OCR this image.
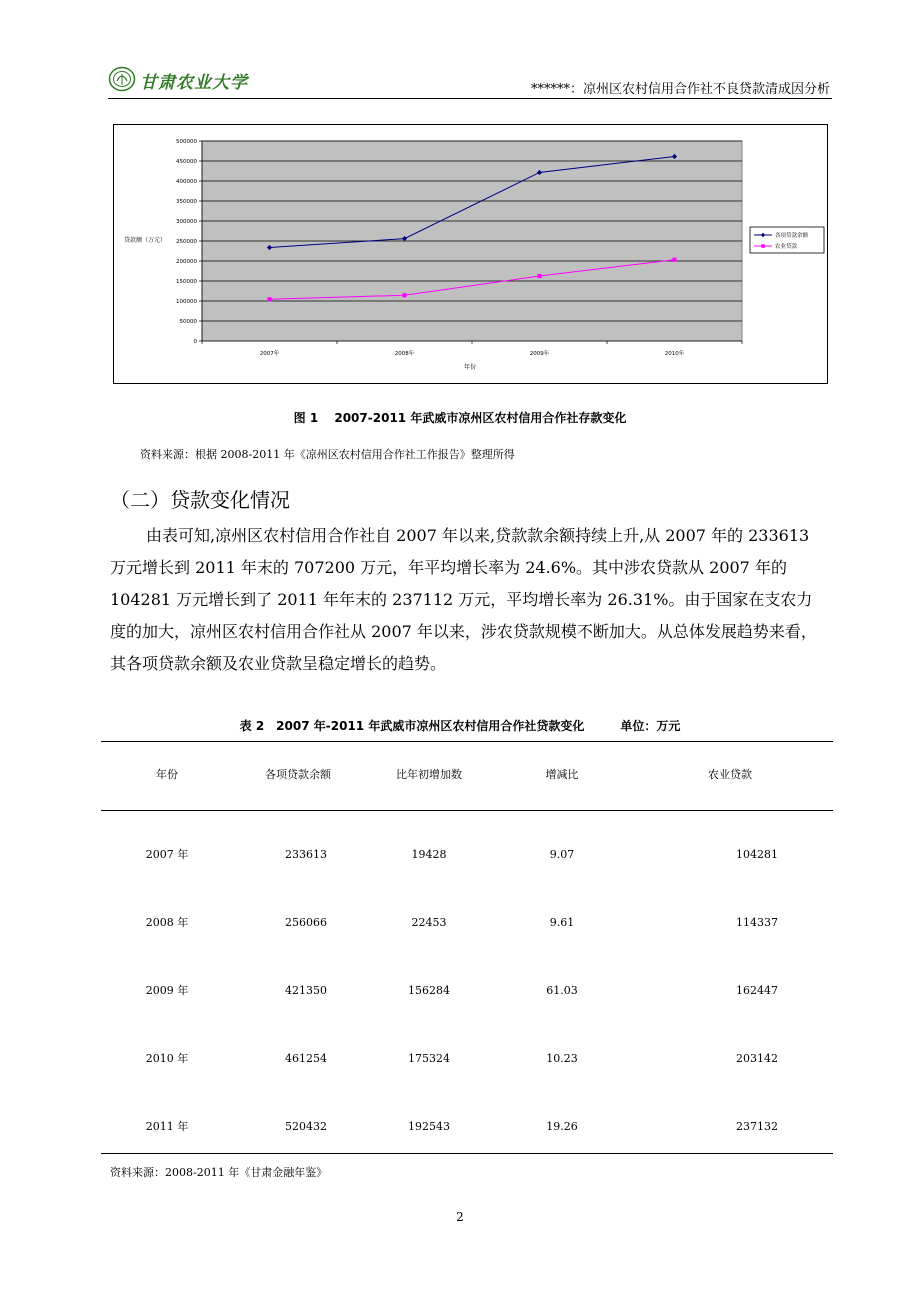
甘肃农业大学	******：凉州区农村信用合作社不良贷款清成因分析
0
50000
100000
150000
200000
250000
300000
350000
400000
450000
500000
2007年	2008年	2009年	2010年
贷款额（万元）
年份
各项贷款余额
农业贷款
图 1　 2007-2011 年武威市凉州区农村信用合作社存款变化
资料来源：根据 2008-2011 年《凉州区农村信用合作社工作报告》整理所得
（二）贷款变化情况
由表可知,凉州区农村信用合作社自 2007 年以来,贷款款余额持续上升,从 2007 年的 233613 万元增长到 2011 年末的 707200 万元，年平均增长率为 24.6%。其中涉农贷款从 2007 年的 104281 万元增长到了 2011 年年末的 237112 万元，平均增长率为 26.31%。由于国家在支农力度的加大，凉州区农村信用合作社从 2007 年以来，涉农贷款规模不断加大。从总体发展趋势来看，其各项贷款余额及农业贷款呈稳定增长的趋势。
表 2　2007 年-2011 年武威市凉州区农村信用合作社贷款变化　　　单位：万元
年份	各项贷款余额	比年初增加数	增减比	农业贷款
2007 年	233613	19428	9.07	104281
2008 年	256066	22453	9.61	114337
2009 年	421350	156284	61.03	162447
2010 年	461254	175324	10.23	203142
2011 年	520432	192543	19.26	237132
资料来源：2008-2011 年《甘肃金融年鉴》
2
